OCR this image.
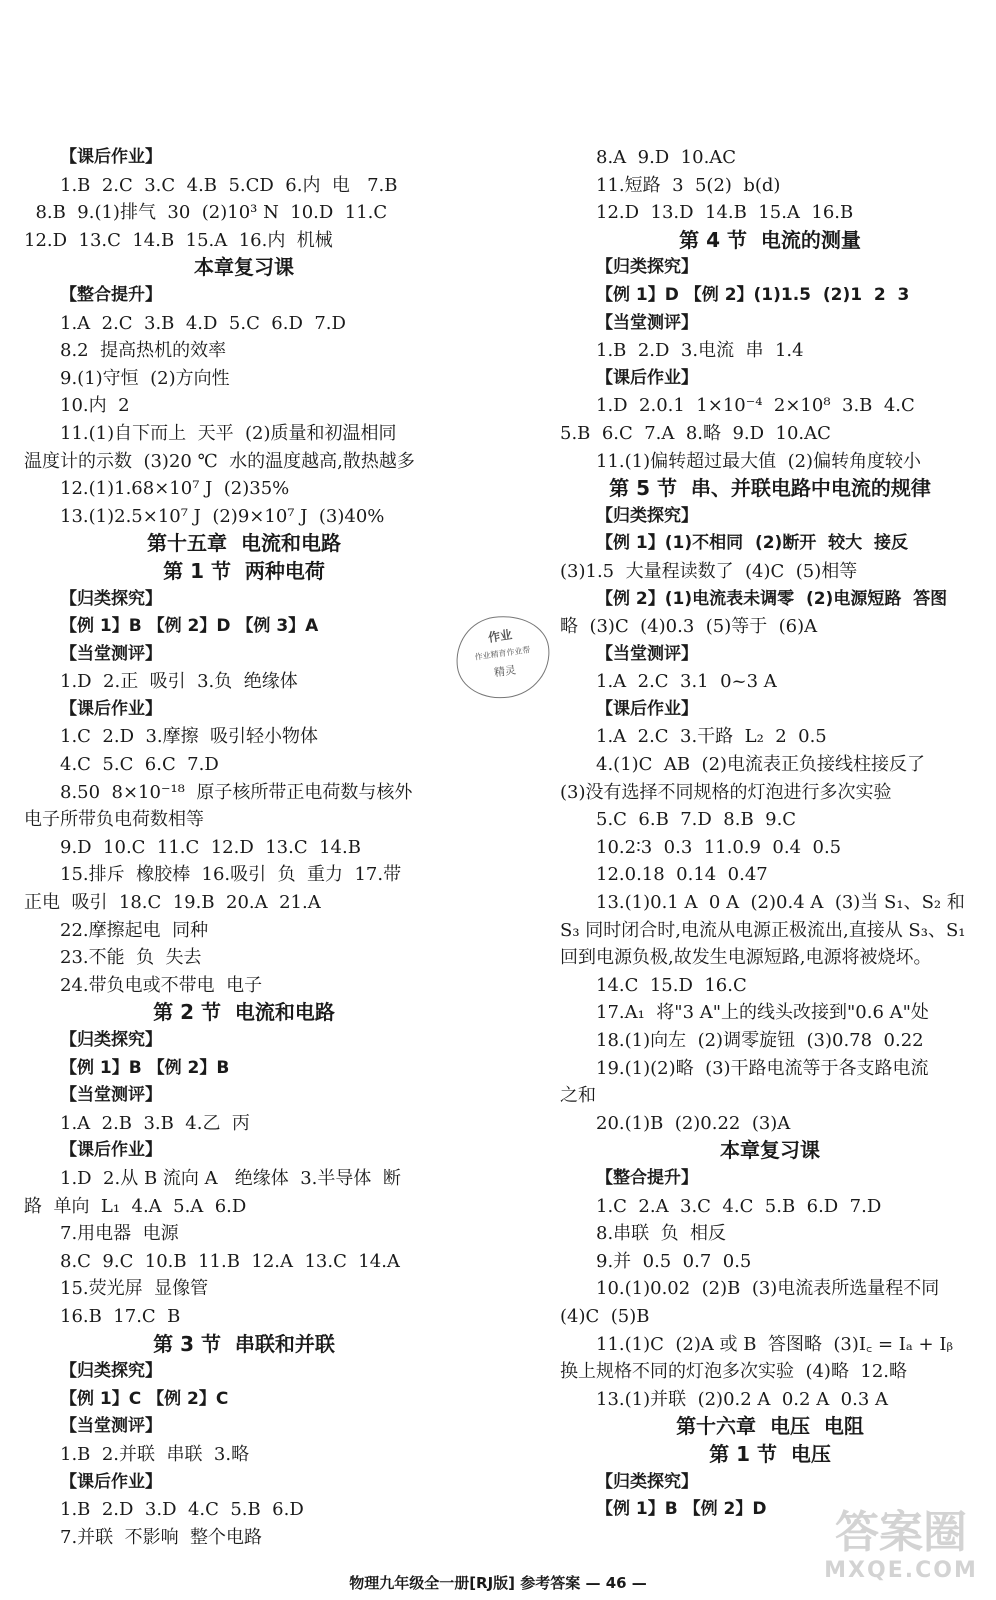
【课后作业】
1.B  2.C  3.C  4.B  5.CD  6.内  电   7.B
8.B  9.(1)排气  30  (2)10³ N  10.D  11.C
12.D  13.C  14.B  15.A  16.内  机械
本章复习课
【整合提升】
1.A  2.C  3.B  4.D  5.C  6.D  7.D
8.2  提高热机的效率
9.(1)守恒  (2)方向性
10.内  2
11.(1)自下而上  天平  (2)质量和初温相同
温度计的示数  (3)20 ℃  水的温度越高,散热越多
12.(1)1.68×10⁷ J  (2)35%
13.(1)2.5×10⁷ J  (2)9×10⁷ J  (3)40%
第十五章  电流和电路
第 1 节  两种电荷
【归类探究】
【例 1】B 【例 2】D 【例 3】A
【当堂测评】
1.D  2.正  吸引  3.负  绝缘体
【课后作业】
1.C  2.D  3.摩擦  吸引轻小物体
4.C  5.C  6.C  7.D
8.50  8×10⁻¹⁸  原子核所带正电荷数与核外
电子所带负电荷数相等
9.D  10.C  11.C  12.D  13.C  14.B
15.排斥  橡胶棒  16.吸引  负  重力  17.带
正电  吸引  18.C  19.B  20.A  21.A
22.摩擦起电  同种
23.不能  负  失去
24.带负电或不带电  电子
第 2 节  电流和电路
【归类探究】
【例 1】B 【例 2】B
【当堂测评】
1.A  2.B  3.B  4.乙  丙
【课后作业】
1.D  2.从 B 流向 A   绝缘体  3.半导体  断
路  单向  L₁  4.A  5.A  6.D
7.用电器  电源
8.C  9.C  10.B  11.B  12.A  13.C  14.A
15.荧光屏  显像管
16.B  17.C  B
第 3 节  串联和并联
【归类探究】
【例 1】C 【例 2】C
【当堂测评】
1.B  2.并联  串联  3.略
【课后作业】
1.B  2.D  3.D  4.C  5.B  6.D
7.并联  不影响  整个电路
8.A  9.D  10.AC
11.短路  3  5(2)  b(d)
12.D  13.D  14.B  15.A  16.B
第 4 节  电流的测量
【归类探究】
【例 1】D 【例 2】(1)1.5  (2)1  2  3
【当堂测评】
1.B  2.D  3.电流  串  1.4
【课后作业】
1.D  2.0.1  1×10⁻⁴  2×10⁸  3.B  4.C
5.B  6.C  7.A  8.略  9.D  10.AC
11.(1)偏转超过最大值  (2)偏转角度较小
第 5 节  串、并联电路中电流的规律
【归类探究】
【例 1】(1)不相同  (2)断开  较大  接反
(3)1.5  大量程读数了  (4)C  (5)相等
【例 2】(1)电流表未调零  (2)电源短路  答图
略  (3)C  (4)0.3  (5)等于  (6)A
【当堂测评】
1.A  2.C  3.1  0~3 A
【课后作业】
1.A  2.C  3.干路  L₂  2  0.5
4.(1)C  AB  (2)电流表正负接线柱接反了
(3)没有选择不同规格的灯泡进行多次实验
5.C  6.B  7.D  8.B  9.C
10.2∶3  0.3  11.0.9  0.4  0.5
12.0.18  0.14  0.47
13.(1)0.1 A  0 A  (2)0.4 A  (3)当 S₁、S₂ 和
S₃ 同时闭合时,电流从电源正极流出,直接从 S₃、S₁
回到电源负极,故发生电源短路,电源将被烧坏。
14.C  15.D  16.C
17.A₁  将"3 A"上的线头改接到"0.6 A"处
18.(1)向左  (2)调零旋钮  (3)0.78  0.22
19.(1)(2)略  (3)干路电流等于各支路电流
之和
20.(1)B  (2)0.22  (3)A
本章复习课
【整合提升】
1.C  2.A  3.C  4.C  5.B  6.D  7.D
8.串联  负  相反
9.并  0.5  0.7  0.5
10.(1)0.02  (2)B  (3)电流表所选量程不同
(4)C  (5)B
11.(1)C  (2)A 或 B  答图略  (3)I꜀ = Iₐ + Iᵦ
换上规格不同的灯泡多次实验  (4)略  12.略
13.(1)并联  (2)0.2 A  0.2 A  0.3 A
第十六章  电压  电阻
第 1 节  电压
【归类探究】
【例 1】B 【例 2】D
作业
作业精育作业帮
精灵
物理九年级全一册[RJ版] 参考答案 — 46 —
答案圈
MXQE.COM
